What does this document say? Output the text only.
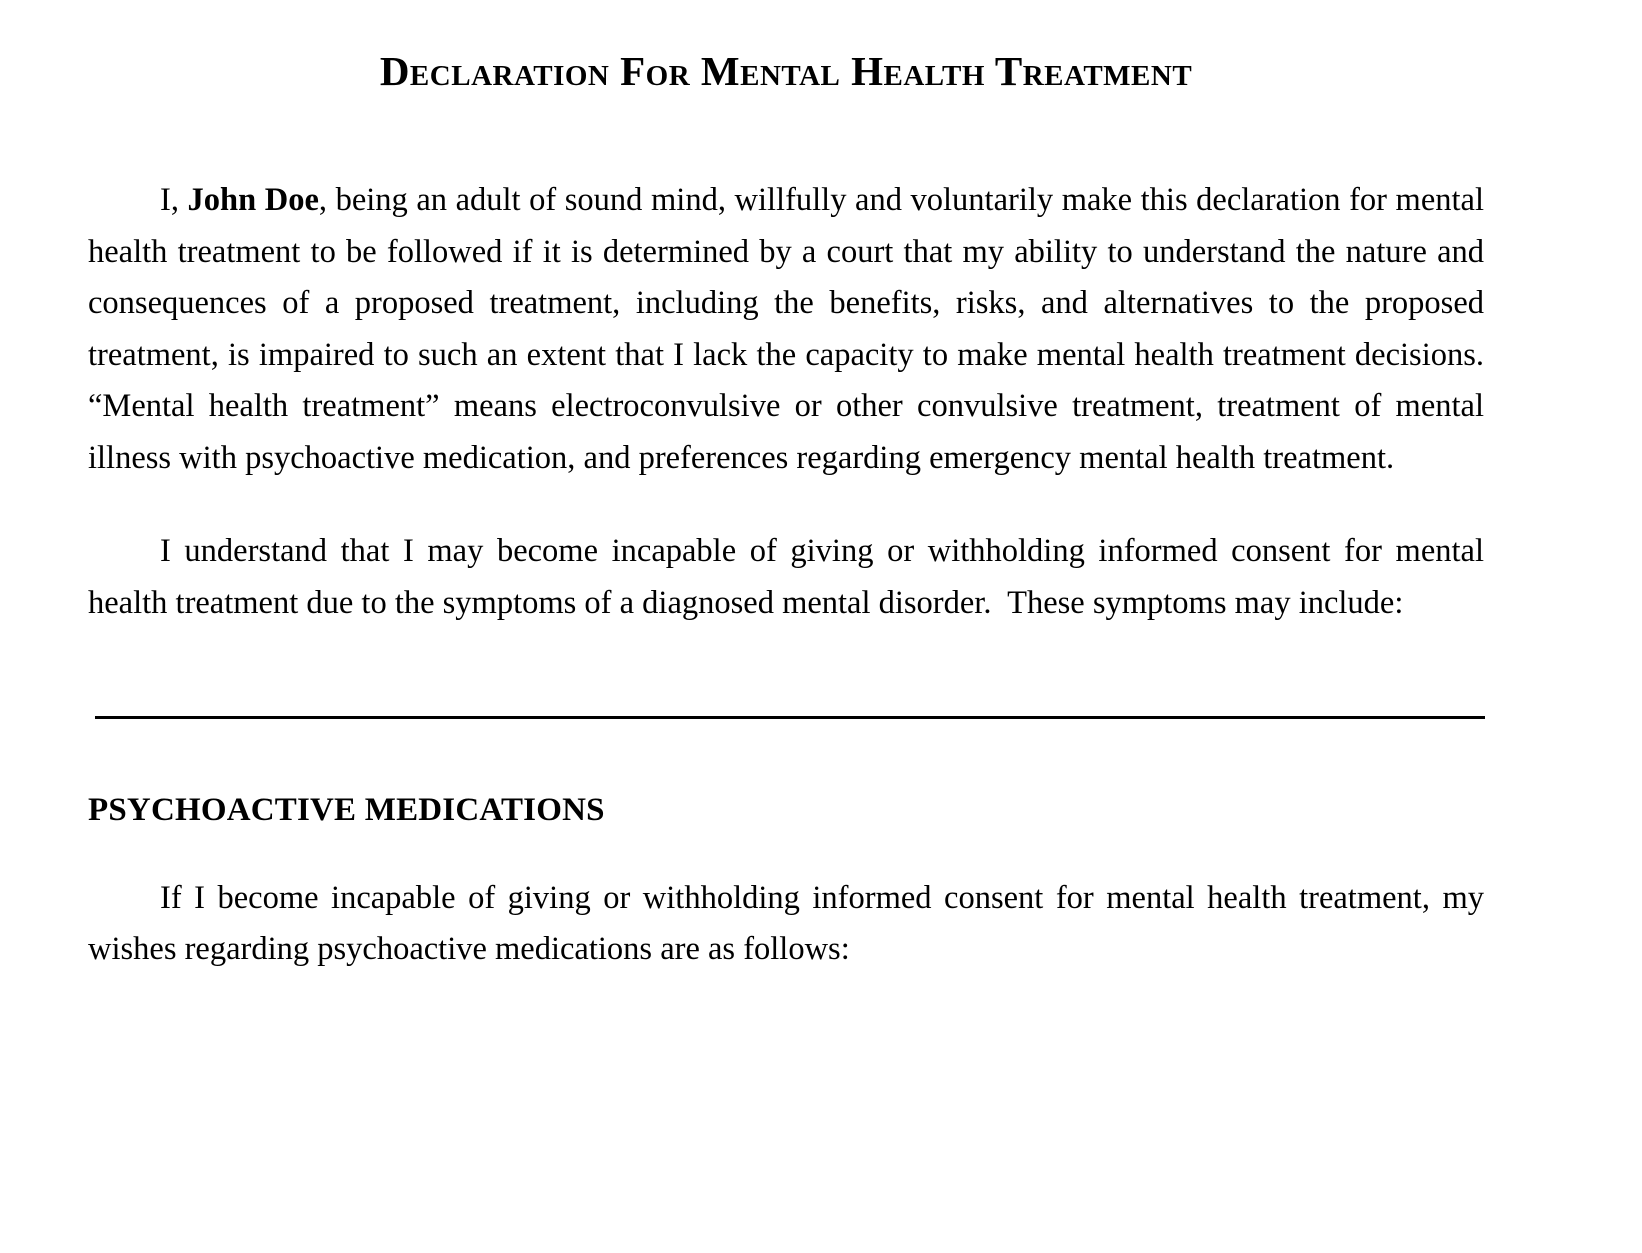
Declaration For Mental Health Treatment

I, John Doe, being an adult of sound mind, willfully and voluntarily make this declaration for mental health treatment to be followed if it is determined by a court that my ability to understand the nature and consequences of a proposed treatment, including the benefits, risks, and alternatives to the proposed treatment, is impaired to such an extent that I lack the capacity to make mental health treatment decisions. “Mental health treatment” means electroconvulsive or other convulsive treatment, treatment of mental illness with psychoactive medication, and preferences regarding emergency mental health treatment.

I understand that I may become incapable of giving or withholding informed consent for mental health treatment due to the symptoms of a diagnosed mental disorder.  These symptoms may include:

PSYCHOACTIVE MEDICATIONS

If I become incapable of giving or withholding informed consent for mental health treatment, my wishes regarding psychoactive medications are as follows:
